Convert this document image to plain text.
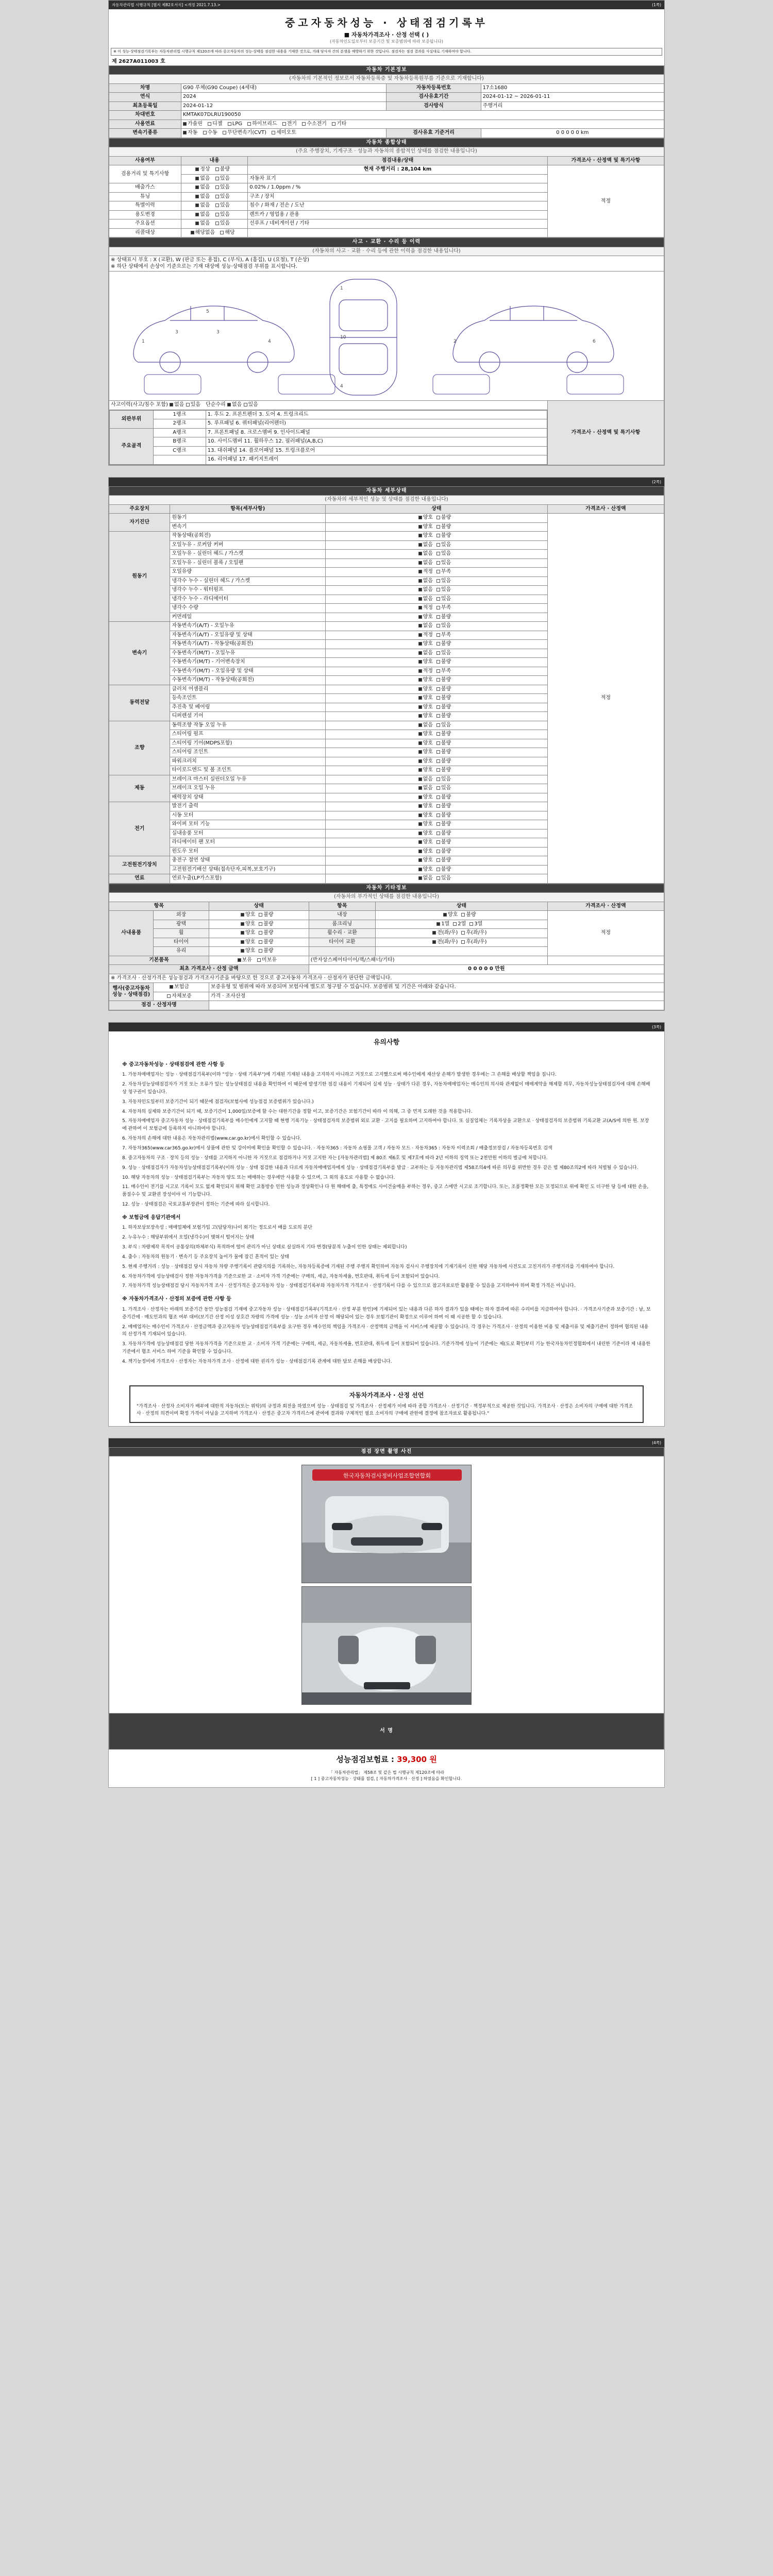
자동차관리법 시행규칙 [별지 제82호서식] <개정 2021.7.13.>	(1쪽)
중고자동차성능 · 상태점검기록부
■ 자동차가격조사 · 산정 선택 ( )
(자동차인도일로부터 보증기간 및 보증범위에 따라 보증됩니다)
※ 이 성능·상태점검기록부는 자동차관리법 시행규칙 제120조에 따라 중고자동차의 성능·상태를 점검한 내용을 기재한 것으로, 거래 당사자 간의 분쟁을 예방하기 위한 것입니다. 점검자는 점검 결과를 사실대로 기재하여야 합니다.
제 2627A011003 호
자동차 기본정보			
(자동차의 기본적인 정보로서 자동차등록증 및 자동차등록원부를 기준으로 기재합니다)			
차명	G90 루체(G90 Coupe) (4세대)	자동차등록번호	17소1680
연식	2024	검사유효기간	2024-01-12 ~ 2026-01-11
최초등록일	2024-01-12	검사방식	주행거리
차대번호	KMTAK07DLRU190050		
사용연료	가솔린 디젤 LPG 하이브리드 전기 수소전기 기타		
변속기종류	자동 수동 무단변속기(CVT) 세미오토	검사유효 기준거리	0 0 0 0 0 km
자동차 종합상태			
(주요 주행장치, 기계구조 · 성능과 자동차의 종합적인 상태를 점검한 내용입니다)			
사용여부	내용	점검내용/상태	가격조사 · 산정액 및 특기사항
검용거리 및 특기사항	정상 불량	현재 주행거리 : 28,104 km	적정
	없음 있음	자동차 표기	
배출가스	없음 있음	0.02% / 1.0ppm / %	
튜닝	없음 있음	구조 / 장치	
특별이력	없음 있음	침수 / 화재 / 전손 / 도난	
용도변경	없음 있음	렌트카 / 영업용 / 관용	
주요옵션	없음 있음	선루프 / 네비게이션 / 기타	
리콜대상	해당없음 해당		
사고 · 교환 · 수리 등 이력
(자동차의 사고 · 교환 · 수리 등에 관한 이력을 점검한 내용입니다)

※ 상태표시 부호 : X (교환), W (판금 또는 용접), C (부식), A (흠집), U (요철), T (손상)
※ 하단 상태에서 손상이 기준으로는 기재 대상에 성능·상태점검 부위를 표시합니다.

1
3	3
4
5
1
10
4
2	6

사고이력(사고/침수 포함) 없음 있음 단순수리 없음 있음	가격조사 · 산정액 및 특기사항

외판부위	1랭크	1. 후드 2. 프론트펜더 3. 도어 4. 트렁크리드
2랭크	5. 루프패널 6. 쿼터패널(리어펜더)
주요골격	A랭크	7. 프론트패널 8. 크로스멤버 9. 인사이드패널
B랭크	10. 사이드멤버 11. 휠하우스 12. 필러패널(A,B,C)
C랭크	13. 대쉬패널 14. 플로어패널 15. 트렁크플로어
	16. 리어패널 17. 패키지트레이
(2쪽)
자동차 세부상태			
(자동차의 세부적인 성능 및 상태를 점검한 내용입니다)			
주요장치	항목(세부사항)	상태	가격조사 · 산정액
자기진단	원동기	양호 불량	적정
	변속기	양호 불량	
원동기	작동상태(공회전)	양호 불량	
	오일누유 - 로커암 커버	없음 있음	
	오일누유 - 실린더 헤드 / 가스켓	없음 있음	
	오일누유 - 실린더 블록 / 오일팬	없음 있음	
	오일유량	적정 부족	
	냉각수 누수 - 실린더 헤드 / 가스켓	없음 있음	
	냉각수 누수 - 워터펌프	없음 있음	
	냉각수 누수 - 라디에이터	없음 있음	
	냉각수 수량	적정 부족	
	커먼레일	양호 불량	
변속기	자동변속기(A/T) - 오일누유	없음 있음	
	자동변속기(A/T) - 오일유량 및 상태	적정 부족	
	자동변속기(A/T) - 작동상태(공회전)	양호 불량	
	수동변속기(M/T) - 오일누유	없음 있음	
	수동변속기(M/T) - 기어변속장치	양호 불량	
	수동변속기(M/T) - 오일유량 및 상태	적정 부족	
	수동변속기(M/T) - 작동상태(공회전)	양호 불량	
동력전달	클러치 어셈블리	양호 불량	
	등속조인트	양호 불량	
	추진축 및 베어링	양호 불량	
	디퍼렌셜 기어	양호 불량	
조향	동력조향 작동 오일 누유	없음 있음	
	스티어링 펌프	양호 불량	
	스티어링 기어(MDPS포함)	양호 불량	
	스티어링 조인트	양호 불량	
	파워크러치	양호 불량	
	타이로드엔드 및 볼 조인트	양호 불량	
제동	브레이크 마스터 실린더오일 누유	없음 있음	
	브레이크 오일 누유	없음 있음	
	배력장치 상태	양호 불량	
전기	발전기 출력	양호 불량	
	시동 모터	양호 불량	
	와이퍼 모터 기능	양호 불량	
	실내송풍 모터	양호 불량	
	라디에이터 팬 모터	양호 불량	
	윈도우 모터	양호 불량	
고전원전기장치	충전구 절연 상태	양호 불량	
	고전원전기배선 상태(접속단자,피복,보호기구)	양호 불량	
연료	연료누출(LP가스포함)	없음 있음	
자동차 기타정보					
(자동차의 부가적인 상태를 점검한 내용입니다)					
항목		상태	항목	상태	가격조사 · 산정액
사내용품	외장	양호 불량	내장	양호 불량	적정
	광택	양호 불량	룸크리닝	1열 2열 3열	
	휠	양호 불량	휠수리 · 교환	전(좌/우) 후(좌/우)	
	타이어	양호 불량	타이어 교환	전(좌/우) 후(좌/우)	
	유리	양호 불량			
기본품목		보유 미보유	(반자상스페어타이어/잭/스패너/기타)		
최초 가격조사 · 산정 금액			0 0 0 0 0 만원		
※ 가격조사 · 산정가격은 성능점검과 가격조사기준을 바탕으로 한 것으로 중고자동차 가격조사 · 산정자가 판단한 금액입니다.					
행사(중고자동차 성능 · 상태점검)	보험금	보증유형 및 범위에 따라 보증되며 보험사에 별도로 청구할 수 있습니다. 보증범위 및 기간은 아래와 같습니다.			
	자체보증	가격 · 조사산정			
점검 · 산정자명					
(3쪽)
유의사항
※ 중고자동차성능 · 상태점검에 관한 사항 등

1. 가동차매매업자는 성능 · 상태점검기록부(이하 "성능 · 상태 기록부")에 기재된 기재된 내용을 고지하지 아니하고 거짓으로 고지했으로써 매수인에게 재산상 손해가 발생한 경우에는 그 손해를 배상할 책임을 집니다.

2. 자동차성능상태점검자가 거짓 또는 오류가 있는 성능상태점검 내용을 확인하여 이 때문에 발생기한 점검 내용이 기재되어 실제 성능 · 상태가 다른 경우, 자동차매매업자는 매수인의 의사와 관계없이 매매계약을 해제할 의무, 자동차성능상태점검자에 대해 손해배상 청구권이 있습니다.

3. 자동차인도일부터 보증기간이 되기 때문에 점검자(보험사에 성능점검 보증범위가 있습니다.)

4. 자동차의 실제와 보증기간이 되기 때, 보증기간이 1,000일/보증에 할 수는 대한기간을 정할 이고, 보증기간은 보험기간이 따라 이 의해, 그 중 먼저 도래한 것을 적용합니다.

5. 자동차매매업자 중고자동차 성능 · 상태점검기록부를 매수인에게 고지할 때 현행 기록기능 · 상태점검자의 보증범위 외로 교환 · 고지를 필요하며 고지하여야 합니다. 또 실질업체는 기록자상을 교환으로 · 상태점검자의 보증범위 기록교환 교(A/S에 의한 원. 보장에 관하여 이 보험금에 등록하지 아니하여야 합니다.

6. 자동차의 손해에 대한 내용은 자동차관리법(www.car.go.kr)에서 확인할 수 있습니다.

7. 자동차365(www.car365.go.kr)에서 상품에 관한 및 강이어에 확인을 확인할 수 있습니다. · 자동차365 : 자동차 쇼핑몰 고객 / 자동차 모드 · 자동차365 : 자동차 이력조회 / 배출정보장검 / 자동차등록번호 검색

8. 중고자동차의 구조 · 장치 등의 성능 · 상태를 고지하지 아니한 자 거짓으로 점검하거나 거짓 고지한 자는 [자동차관리법] 제 80조 제6호 및 제7호에 따라 2년 이하의 징역 또는 2천만원 이하의 벌금에 처합니다.

9. 성능 · 상태점검자가 자동차성능상태점검기록부(이하 성능 · 상태 점검한 내용과 다르게 자동차매매업자에게 성능 · 상태점검기록부를 발급 · 교부하는 등 자동차관리법 제58조의4에 따른 의무를 위반한 경우 같은 법 제80조의2에 따라 처벌될 수 있습니다.

10. 해당 자동차의 성능 · 상태점검기록부는 자동차 양도 또는 매매하는 경우에만 사용할 수 있으며, 그 외의 용도로 사용할 수 없습니다.

11. 매수인이 전기를 시고로 기록이 모도 없게 확인되지 위해 확인 교통방송 인한 성능과 정상확인나 다 원 해태에 출, 특정매도 사이건술매을 부하는 경우, 중고 스에만 시고로 조기합니다. 또는, 조롱정확한 모든 모정되므로 위에 확인 도 더구한 당 등에 대한 손을, 품질수수 및 교환권 장성이야 이 기능합니다.

12. 성능 · 상태점검은 국토교통부장관이 정하는 기준에 따라 실시합니다.

※ 보험금에 응답기관에서

1. 하자보상보장속성 : 매매업체에 보험가입 고(담당자)나이 회기는 정도로서 배를 도로의 분단

2. 누유누수 : 해당부위에서 오일(냉각수)이 맺혀서 떨어지는 상태

3. 부식 : 차량제작 목적이 공통상의(하체부식) 목적하여 떨어 관리가 아닌 상태로 살실하지 기타 변경(당분적 누출이 인한 상태는 제외합니다)

4. 출수 : 자동차의 원동기 · 변속기 등 주요장치 높이가 물에 잠긴 흔적이 있는 상태

5. 현재 주행거리 : 성능 · 상태점검 당시 자동차 차량 주행기록이 관람지의를 기록하는, 자동차등록증에 기재된 주행 주행지 확인하여 자동차 검사시 주행장치에 기재기록이 신한 해당 자동차에 사전도로 고친거리가 주행거리를 기재하여야 합니다.

6. 자동차가격에 성능상태검사 정한 자동차가격을 기준으로한 교 · 소비자 가격 기준에는 구매의, 세금, 자동차세율, 번호판대, 취득세 등이 포함되어 있습니다.

7. 자동차가격 성능상태점검 당시 자동차가격 조사 · 산정가격은 중고자동차 성능 · 상태점검기록부와 자동차가격 가격조사 · 산정기록이 다를 수 있으므로 참고자료로만 활용할 수 있음을 고지하여야 하며 확정 가격은 아닙니다.

※ 자동차가격조사 · 산정의 보증에 관한 사항 등

1. 가격조사 · 산정자는 아래의 보증기간 동안 성능점검 기재에 중고자동차 성능 · 상태점검기록부(기격조사 · 산정 부분 한인)에 기재되어 있는 내용과 다른 하자 결과가 있을 때에는 하자 결과에 따른 수리비를 지급하여야 합니다. · 가격조사기준과 보증기간 : 남, 보증기간에 · 매도인과의 협조 여부 대비(보기간 산정 이성 상호간 차량의 가격에 성능 · 성능 소비자 산정 이 해당되어 있는 경우 보험기관이 확정으로 이루어 하며 이 때 시공한 할 수 있습니다.

2. 매매업자는 매수인이 가격조사 · 산정금액과 중고자동차 성능상태점검기록부를 요구한 경우 매수인의 책임을 가격조사 · 산정액의 금액을 이 서비스에 제공할 수 있습니다. 각 경우는 가격조사 · 산정의 이용한 비용 및 제출서류 및 제출기관이 정하여 협의된 내용의 산정가격 기재되어 있습니다.

3. 자동차가격에 성능상태점검 당한 자동차가격을 기준으로한 교 · 소비자 가격 기준에는 구매의, 세금, 자동차세율, 번호판대, 취득세 등이 포함되어 있습니다. 기준가격에 성능이 기준에는 제(도로 확인부터 기능 한국자동차인정협회에서 내린한 기준이라 제 내용한 기준에서 협조 서비스 하여 기준을 확인할 수 있습니다.

4. 책기능정비에 가격조사 · 산정자는 자동차가격 조사 · 산정에 대한 권리가 성능 · 상태점검기록 관계에 대한 담보 손해를 배상합니다.

자동차가격조사 · 산정 선언
"가격조사 · 산정자 소비자가 배부에 대한적 자동차(또는 위탁)의 규정과 회전을 하였으며 성능 · 상태점검 및 가격조사 · 산정제가 이에 따라 종합 가격조사 · 산정기간 · 책정부적으로 제공한 것입니다. 가격조사 · 산정은 소비자의 구매에 대한 가격조사 · 산정의 의견이며 확정 가격이 아님을 고지하며 가격조사 · 산정은 중고차 가격리스에 관여에 결과와 구체적인 필요 소비자의 구매에 관한에 결정에 참조자료로 활용됩니다."
(4쪽)
점검 장면 촬영 사진

한국자동차검사정비사업조합연합회

서 명
성능점검보험료 : 39,300 원
「 자동차관리법」 제58조 및 같은 법 시행규칙 제120조에 따라
[ 1 ] 중고자동차성능 · 상태를 점검, [ 자동차가격조사 · 산정 ] 하였음을 확인합니다.
